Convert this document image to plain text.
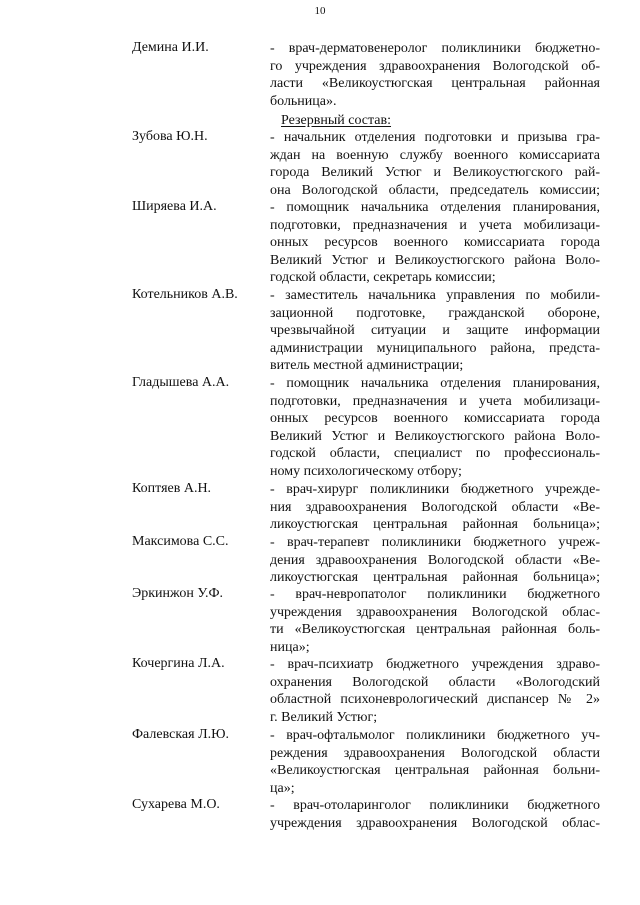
10
Резервный состав:
Демина И.И.	- врач-дерматовенеролог поликлиники бюджетно-
го учреждения здравоохранения Вологодской об-
ласти «Великоустюгская центральная районная
больница».
Зубова Ю.Н.	- начальник отделения подготовки и призыва гра-
ждан на военную службу военного комиссариата
города Великий Устюг и Великоустюгского рай-
она Вологодской области, председатель комиссии;
Ширяева И.А.	- помощник начальника отделения планирования,
подготовки, предназначения и учета мобилизаци-
онных ресурсов военного комиссариата города
Великий Устюг и Великоустюгского района Воло-
годской области, секретарь комиссии;
Котельников А.В.	- заместитель начальника управления по мобили-
зационной подготовке, гражданской обороне,
чрезвычайной ситуации и защите информации
администрации муниципального района, предста-
витель местной администрации;
Гладышева А.А.	- помощник начальника отделения планирования,
подготовки, предназначения и учета мобилизаци-
онных ресурсов военного комиссариата города
Великий Устюг и Великоустюгского района Воло-
годской области, специалист по профессиональ-
ному психологическому отбору;
Коптяев А.Н.	- врач-хирург поликлиники бюджетного учрежде-
ния здравоохранения Вологодской области «Ве-
ликоустюгская центральная районная больница»;
Максимова С.С.	- врач-терапевт поликлиники бюджетного учреж-
дения здравоохранения Вологодской области «Ве-
ликоустюгская центральная районная больница»;
Эркинжон У.Ф.	- врач-невропатолог поликлиники бюджетного
учреждения здравоохранения Вологодской облас-
ти «Великоустюгская центральная районная боль-
ница»;
Кочергина Л.А.	- врач-психиатр бюджетного учреждения здраво-
охранения Вологодской области «Вологодский
областной психоневрологический диспансер № 2»
г. Великий Устюг;
Фалевская Л.Ю.	- врач-офтальмолог поликлиники бюджетного уч-
реждения здравоохранения Вологодской области
«Великоустюгская центральная районная больни-
ца»;
Сухарева М.О.	- врач-отоларинголог поликлиники бюджетного
учреждения здравоохранения Вологодской облас-
